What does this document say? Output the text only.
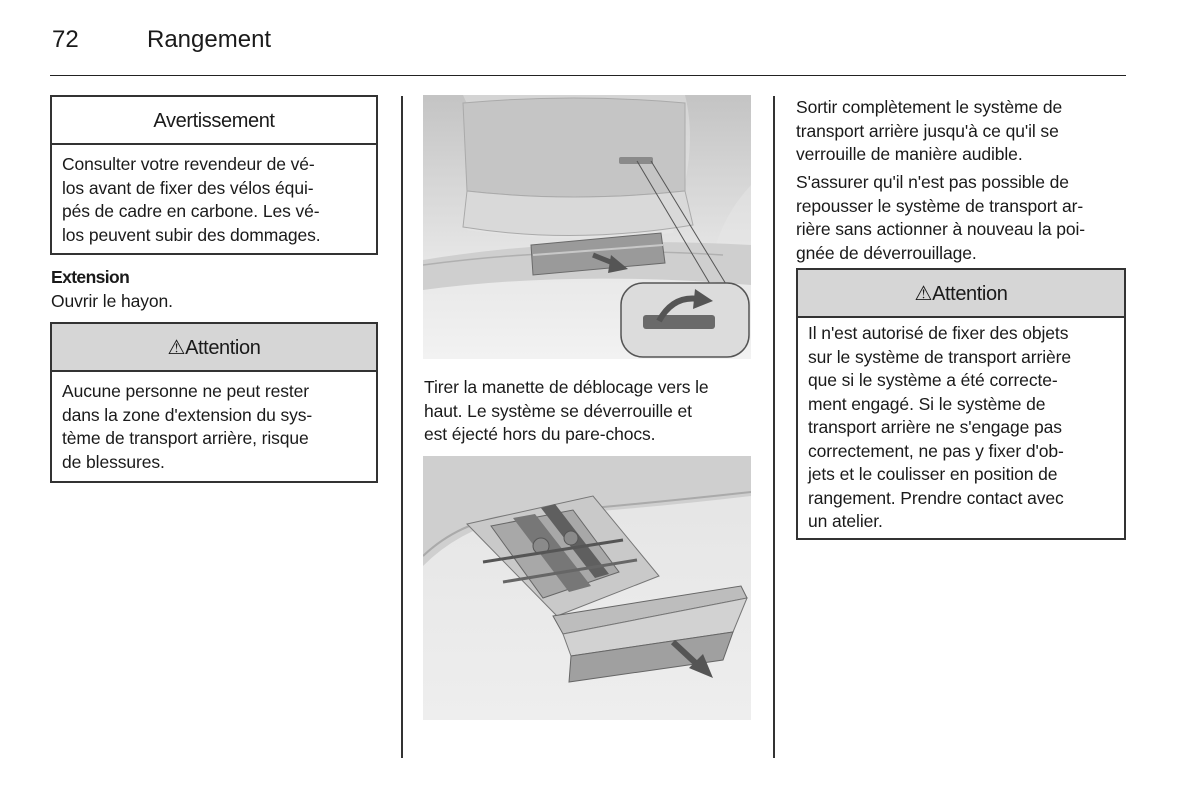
72	Rangement
Avertissement
Consulter votre revendeur de vé-
los avant de fixer des vélos équi-
pés de cadre en carbone. Les vé-
los peuvent subir des dommages.
Extension
Ouvrir le hayon.
⚠Attention
Aucune personne ne peut rester
dans la zone d'extension du sys-
tème de transport arrière, risque
de blessures.
Tirer la manette de déblocage vers le
haut. Le système se déverrouille et
est éjecté hors du pare-chocs.
Sortir complètement le système de
transport arrière jusqu'à ce qu'il se
verrouille de manière audible.
S'assurer qu'il n'est pas possible de
repousser le système de transport ar-
rière sans actionner à nouveau la poi-
gnée de déverrouillage.
⚠Attention
Il n'est autorisé de fixer des objets
sur le système de transport arrière
que si le système a été correcte-
ment engagé. Si le système de
transport arrière ne s'engage pas
correctement, ne pas y fixer d'ob-
jets et le coulisser en position de
rangement. Prendre contact avec
un atelier.
